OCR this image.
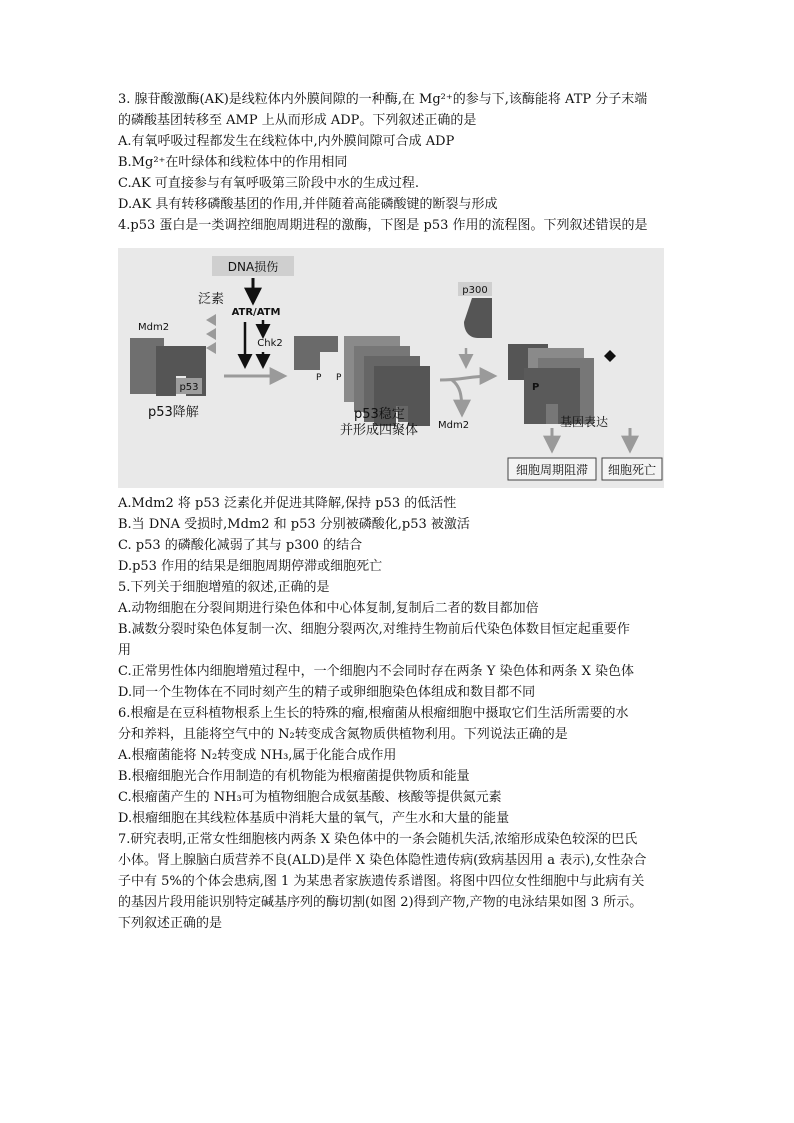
3. 腺苷酸激酶(AK)是线粒体内外膜间隙的一种酶,在 Mg²⁺的参与下,该酶能将 ATP 分子末端
的磷酸基团转移至 AMP 上从而形成 ADP。下列叙述正确的是
A.有氧呼吸过程都发生在线粒体中,内外膜间隙可合成 ADP
B.Mg²⁺在叶绿体和线粒体中的作用相同
C.AK 可直接参与有氧呼吸第三阶段中水的生成过程.
D.AK 具有转移磷酸基团的作用,并伴随着高能磷酸键的断裂与形成
4.p53 蛋白是一类调控细胞周期进程的激酶，下图是 p53 作用的流程图。下列叙述错误的是
DNA损伤
ATR/ATM
泛素
Mdm2
p53
p53降解
Chk2
P P
p53稳定
并形成四聚体
p300
Mdm2
P
基因表达
细胞周期阻滞 细胞死亡
A.Mdm2 将 p53 泛素化并促进其降解,保持 p53 的低活性
B.当 DNA 受损时,Mdm2 和 p53 分别被磷酸化,p53 被激活
C. p53 的磷酸化减弱了其与 p300 的结合
D.p53 作用的结果是细胞周期停滞或细胞死亡
5.下列关于细胞增殖的叙述,正确的是
A.动物细胞在分裂间期进行染色体和中心体复制,复制后二者的数目都加倍
B.减数分裂时染色体复制一次、细胞分裂两次,对维持生物前后代染色体数目恒定起重要作
用
C.正常男性体内细胞增殖过程中，一个细胞内不会同时存在两条 Y 染色体和两条 X 染色体
D.同一个生物体在不同时刻产生的精子或卵细胞染色体组成和数目都不同
6.根瘤是在豆科植物根系上生长的特殊的瘤,根瘤菌从根瘤细胞中摄取它们生活所需要的水
分和养料，且能将空气中的 N₂转变成含氮物质供植物利用。下列说法正确的是
A.根瘤菌能将 N₂转变成 NH₃,属于化能合成作用
B.根瘤细胞光合作用制造的有机物能为根瘤菌提供物质和能量
C.根瘤菌产生的 NH₃可为植物细胞合成氨基酸、核酸等提供氮元素
D.根瘤细胞在其线粒体基质中消耗大量的氧气，产生水和大量的能量
7.研究表明,正常女性细胞核内两条 X 染色体中的一条会随机失活,浓缩形成染色较深的巴氏
小体。肾上腺脑白质营养不良(ALD)是伴 X 染色体隐性遗传病(致病基因用 a 表示),女性杂合
子中有 5%的个体会患病,图 1 为某患者家族遗传系谱图。将图中四位女性细胞中与此病有关
的基因片段用能识别特定碱基序列的酶切割(如图 2)得到产物,产物的电泳结果如图 3 所示。
下列叙述正确的是
